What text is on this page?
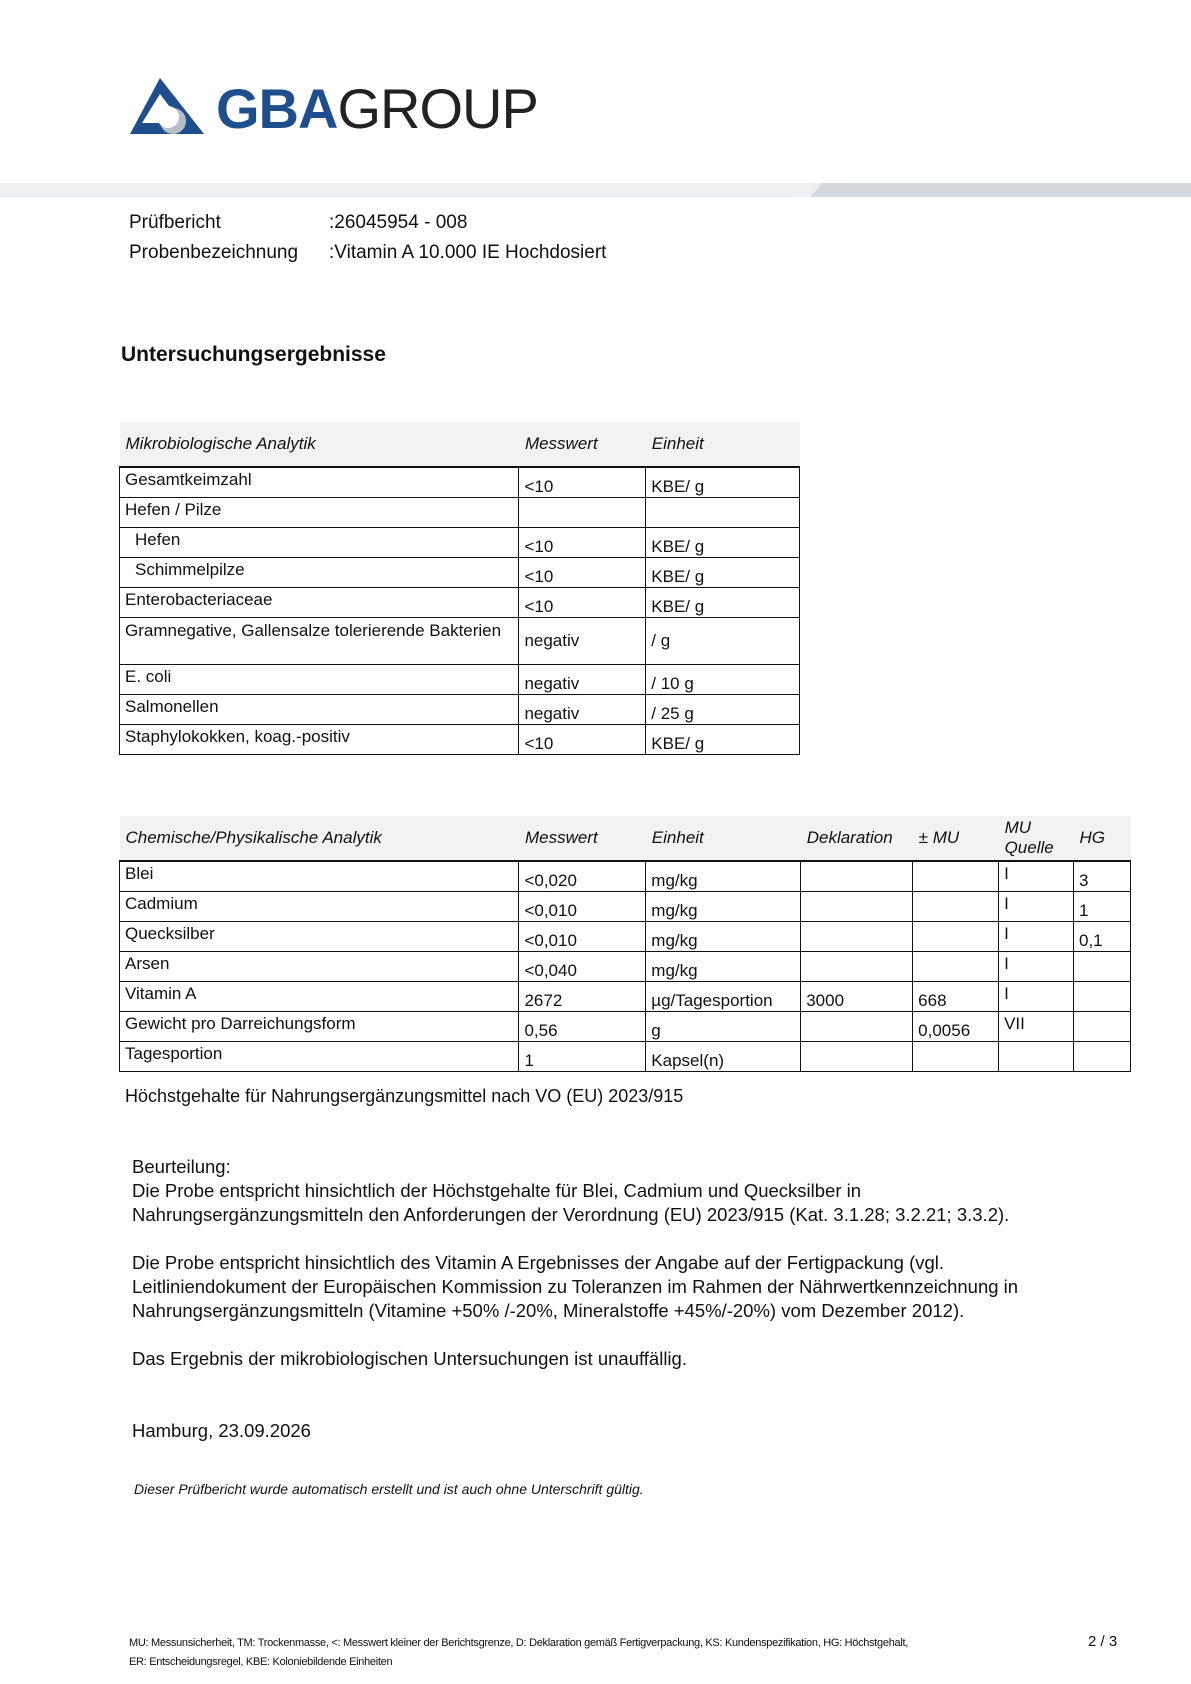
GBA GROUP
Prüfbericht	:26045954 - 008
Probenbezeichnung	:Vitamin A 10.000 IE Hochdosiert
Untersuchungsergebnisse
Mikrobiologische Analytik	Messwert	Einheit
Gesamtkeimzahl	<10	KBE/ g
Hefen / Pilze		
Hefen	<10	KBE/ g
Schimmelpilze	<10	KBE/ g
Enterobacteriaceae	<10	KBE/ g
Gramnegative, Gallensalze tolerierende Bakterien	negativ	/ g
E. coli	negativ	/ 10 g
Salmonellen	negativ	/ 25 g
Staphylokokken, koag.-positiv	<10	KBE/ g
Chemische/Physikalische Analytik	Messwert	Einheit	Deklaration	± MU	MU Quelle	HG
Blei	<0,020	mg/kg			I	3
Cadmium	<0,010	mg/kg			I	1
Quecksilber	<0,010	mg/kg			I	0,1
Arsen	<0,040	mg/kg			I	
Vitamin A	2672	µg/Tagesportion	3000	668	I	
Gewicht pro Darreichungsform	0,56	g		0,0056	VII	
Tagesportion	1	Kapsel(n)				
Höchstgehalte für Nahrungsergänzungsmittel nach VO (EU) 2023/915
Beurteilung:

Die Probe entspricht hinsichtlich der Höchstgehalte für Blei, Cadmium und Quecksilber in Nahrungsergänzungsmitteln den Anforderungen der Verordnung (EU) 2023/915 (Kat. 3.1.28; 3.2.21; 3.3.2).

Die Probe entspricht hinsichtlich des Vitamin A Ergebnisses der Angabe auf der Fertigpackung (vgl. Leitliniendokument der Europäischen Kommission zu Toleranzen im Rahmen der Nährwertkennzeichnung in Nahrungsergänzungsmitteln (Vitamine +50% /-20%, Mineralstoffe +45%/-20%) vom Dezember 2012).

Das Ergebnis der mikrobiologischen Untersuchungen ist unauffällig.

Hamburg, 23.09.2026
Dieser Prüfbericht wurde automatisch erstellt und ist auch ohne Unterschrift gültig.
MU: Messunsicherheit, TM: Trockenmasse, <: Messwert kleiner der Berichtsgrenze, D: Deklaration gemäß Fertigverpackung, KS: Kundenspezifikation, HG: Höchstgehalt,
ER: Entscheidungsregel, KBE: Koloniebildende Einheiten
2 / 3
